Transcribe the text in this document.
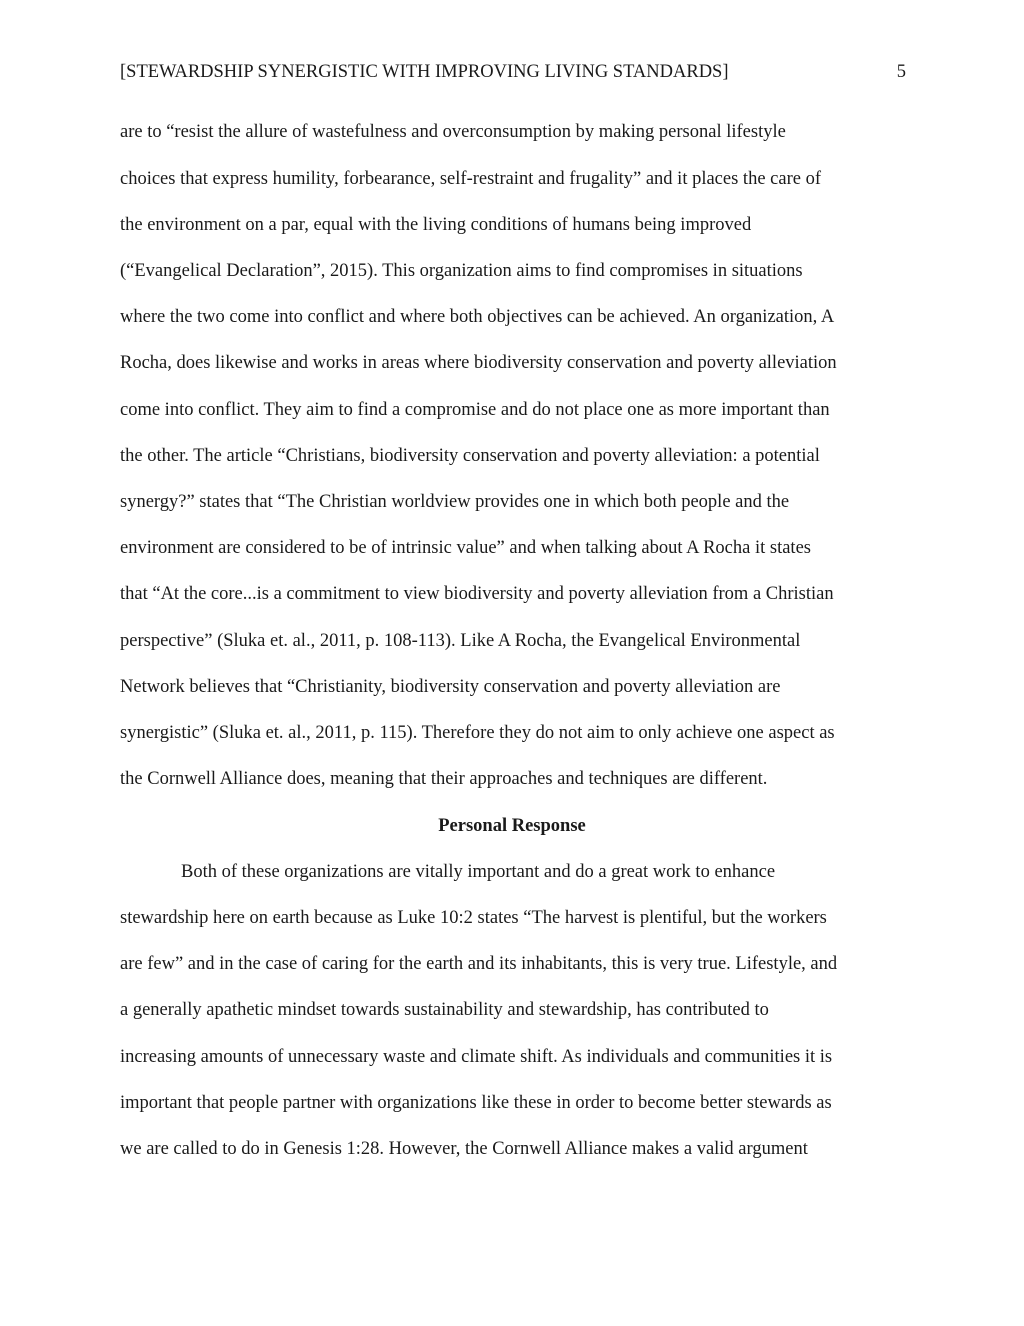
[STEWARDSHIP SYNERGISTIC WITH IMPROVING LIVING STANDARDS]	5
are to “resist the allure of wastefulness and overconsumption by making personal lifestyle
choices that express humility, forbearance, self-restraint and frugality” and it places the care of
the environment on a par, equal with the living conditions of humans being improved
(“Evangelical Declaration”, 2015). This organization aims to find compromises in situations
where the two come into conflict and where both objectives can be achieved. An organization, A
Rocha, does likewise and works in areas where biodiversity conservation and poverty alleviation
come into conflict. They aim to find a compromise and do not place one as more important than
the other. The article “Christians, biodiversity conservation and poverty alleviation: a potential
synergy?” states that “The Christian worldview provides one in which both people and the
environment are considered to be of intrinsic value” and when talking about A Rocha it states
that “At the core...is a commitment to view biodiversity and poverty alleviation from a Christian
perspective” (Sluka et. al., 2011, p. 108-113). Like A Rocha, the Evangelical Environmental
Network believes that “Christianity, biodiversity conservation and poverty alleviation are
synergistic” (Sluka et. al., 2011, p. 115). Therefore they do not aim to only achieve one aspect as
the Cornwell Alliance does, meaning that their approaches and techniques are different.
Personal Response
Both of these organizations are vitally important and do a great work to enhance
stewardship here on earth because as Luke 10:2 states “The harvest is plentiful, but the workers
are few” and in the case of caring for the earth and its inhabitants, this is very true. Lifestyle, and
a generally apathetic mindset towards sustainability and stewardship, has contributed to
increasing amounts of unnecessary waste and climate shift. As individuals and communities it is
important that people partner with organizations like these in order to become better stewards as
we are called to do in Genesis 1:28. However, the Cornwell Alliance makes a valid argument
